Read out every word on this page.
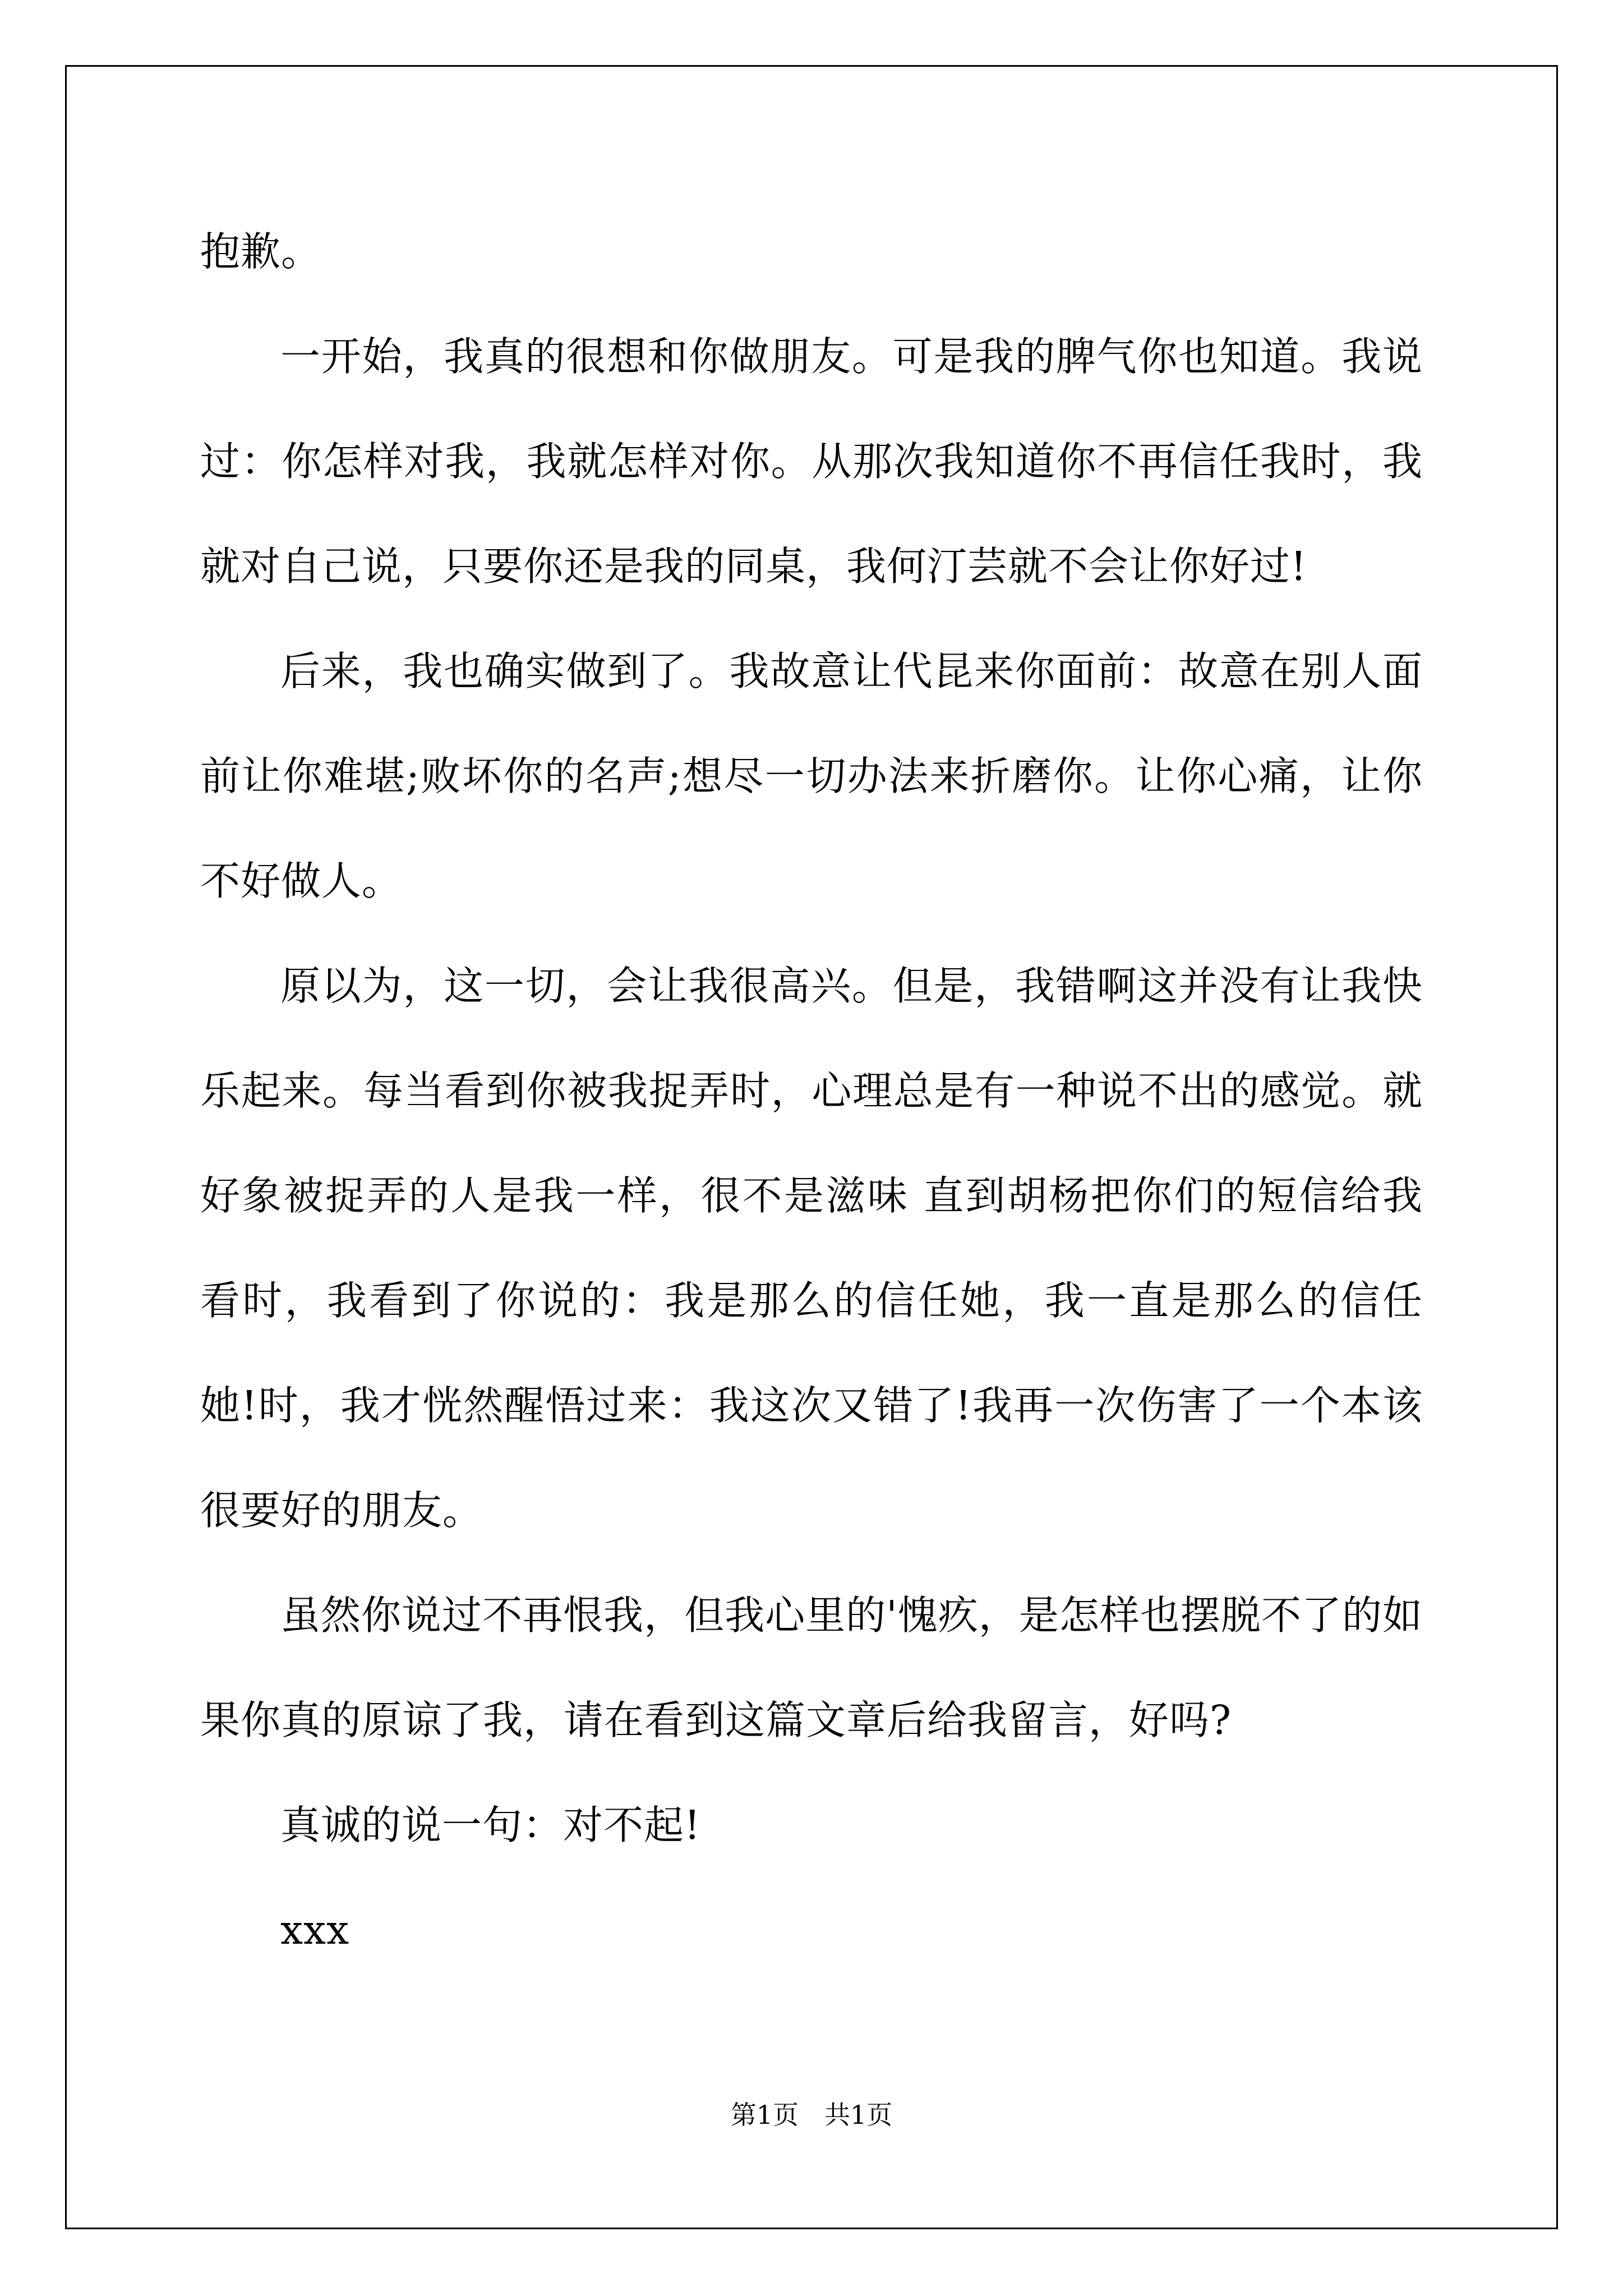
抱歉。

一开始，我真的很想和你做朋友。可是我的脾气你也知道。我说过：你怎样对我，我就怎样对你。从那次我知道你不再信任我时，我就对自己说，只要你还是我的同桌，我何汀芸就不会让你好过!

后来，我也确实做到了。我故意让代昆来你面前：故意在别人面前让你难堪;败坏你的名声;想尽一切办法来折磨你。让你心痛，让你不好做人。

原以为，这一切，会让我很高兴。但是，我错啊这并没有让我快乐起来。每当看到你被我捉弄时，心理总是有一种说不出的感觉。就好象被捉弄的人是我一样，很不是滋味 直到胡杨把你们的短信给我看时，我看到了你说的：我是那么的信任她，我一直是那么的信任她!时，我才恍然醒悟过来：我这次又错了!我再一次伤害了一个本该很要好的朋友。

虽然你说过不再恨我，但我心里的'愧疚，是怎样也摆脱不了的如果你真的原谅了我，请在看到这篇文章后给我留言，好吗?

真诚的说一句：对不起!

xxx

第1页 共1页
